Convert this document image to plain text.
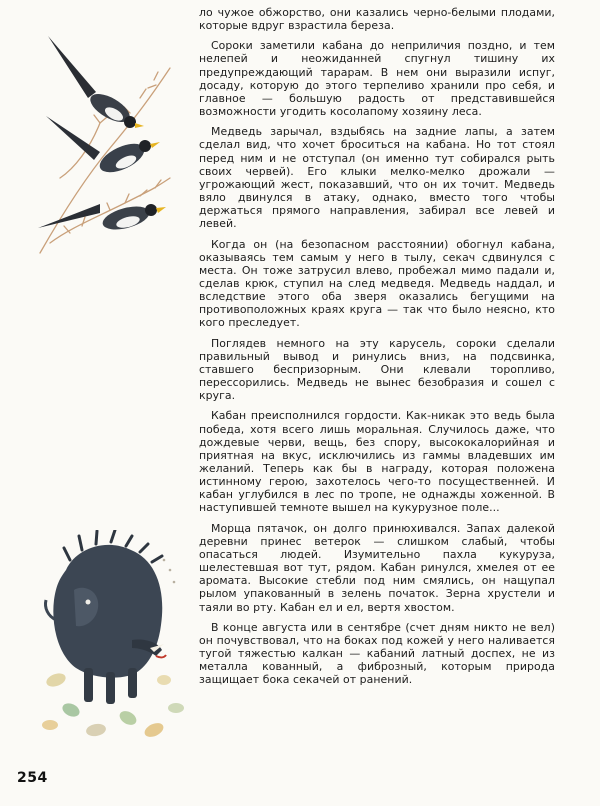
ло чужое обжорство, они казались черно-белыми плодами, которые вдруг взрастила береза.

Сороки заметили кабана до неприличия поздно, и тем нелепей и неожиданней спугнул тишину их предупреждающий тарарам. В нем они выразили испуг, досаду, которую до этого терпеливо хранили про себя, и главное — большую радость от представившейся возможности угодить косолапому хозяину леса.

Медведь зарычал, вздыбясь на задние лапы, а затем сделал вид, что хочет броситься на кабана. Но тот стоял перед ним и не отступал (он именно тут собирался рыть своих червей). Его клыки мелко-мелко дрожали — угрожающий жест, показавший, что он их точит. Медведь вяло двинулся в атаку, однако, вместо того чтобы держаться прямого направления, забирал все левей и левей.

Когда он (на безопасном расстоянии) обогнул кабана, оказываясь тем самым у него в тылу, секач сдвинулся с места. Он тоже затрусил влево, пробежал мимо падали и, сделав крюк, ступил на след медведя. Медведь наддал, и вследствие этого оба зверя оказались бегущими на противоположных краях круга — так что было неясно, кто кого преследует.

Поглядев немного на эту карусель, сороки сделали правильный вывод и ринулись вниз, на подсвинка, ставшего беспризорным. Они клевали торопливо, перессорились. Медведь не вынес безобразия и сошел с круга.

Кабан преисполнился гордости. Как-никак это ведь была победа, хотя всего лишь моральная. Случилось даже, что дождевые черви, вещь, без спору, высококалорийная и приятная на вкус, исключились из гаммы владевших им желаний. Теперь как бы в награду, которая положена истинному герою, захотелось чего-то посущественней. И кабан углубился в лес по тропе, не однажды хоженной. В наступившей темноте вышел на кукурузное поле...

Морща пятачок, он долго принюхивался. Запах далекой деревни принес ветерок — слишком слабый, чтобы опасаться людей. Изумительно пахла кукуруза, шелестевшая вот тут, рядом. Кабан ринулся, хмелея от ее аромата. Высокие стебли под ним смялись, он нащупал рылом упакованный в зелень початок. Зерна хрустели и таяли во рту. Кабан ел и ел, вертя хвостом.

В конце августа или в сентябре (счет дням никто не вел) он почувствовал, что на боках под кожей у него наливается тугой тяжестью калкан — кабаний латный доспех, не из металла кованный, а фиброзный, которым природа защищает бока секачей от ранений.

254
